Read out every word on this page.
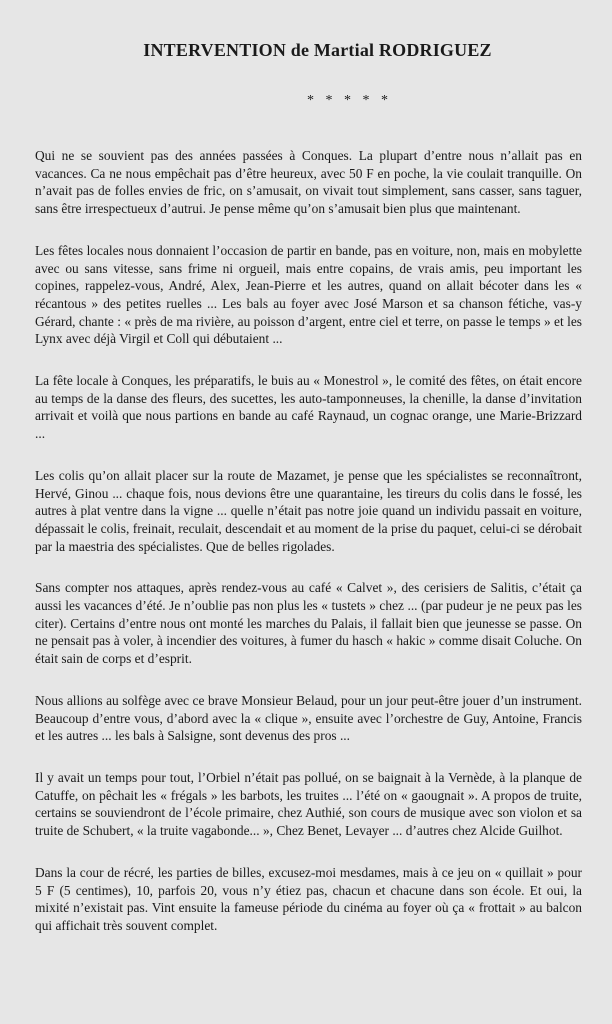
INTERVENTION de Martial RODRIGUEZ
* * * * *

Qui ne se souvient pas des années passées à Conques. La plupart d’entre nous n’allait pas en vacances. Ca ne nous empêchait pas d’être heureux, avec 50 F en poche, la vie coulait tranquille. On n’avait pas de folles envies de fric, on s’amusait, on vivait tout simplement, sans casser, sans taguer, sans être irrespectueux d’autrui. Je pense même qu’on s’amusait bien plus que maintenant.

Les fêtes locales nous donnaient l’occasion de partir en bande, pas en voiture, non, mais en mobylette avec ou sans vitesse, sans frime ni orgueil, mais entre copains, de vrais amis, peu important les copines, rappelez-vous, André, Alex, Jean-Pierre et les autres, quand on allait bécoter dans les « récantous » des petites ruelles ... Les bals au foyer avec José Marson et sa chanson fétiche, vas-y Gérard, chante : « près de ma rivière, au poisson d’argent, entre ciel et terre, on passe le temps » et les Lynx avec déjà Virgil et Coll qui débutaient ...

La fête locale à Conques, les préparatifs, le buis au « Monestrol », le comité des fêtes, on était encore au temps de la danse des fleurs, des sucettes, les auto-tamponneuses, la chenille, la danse d’invitation arrivait et voilà que nous partions en bande au café Raynaud, un cognac orange, une Marie-Brizzard ...

Les colis qu’on allait placer sur la route de Mazamet, je pense que les spécialistes se reconnaîtront, Hervé, Ginou ... chaque fois, nous devions être une quarantaine, les tireurs du colis dans le fossé, les autres à plat ventre dans la vigne ... quelle n’était pas notre joie quand un individu passait en voiture, dépassait le colis, freinait, reculait, descendait et au moment de la prise du paquet, celui-ci se dérobait par la maestria des spécialistes. Que de belles rigolades.

Sans compter nos attaques, après rendez-vous au café « Calvet », des cerisiers de Salitis, c’était ça aussi les vacances d’été. Je n’oublie pas non plus les « tustets » chez ... (par pudeur je ne peux pas les citer). Certains d’entre nous ont monté les marches du Palais, il fallait bien que jeunesse se passe. On ne pensait pas à voler, à incendier des voitures, à fumer du hasch « hakic » comme disait Coluche. On était sain de corps et d’esprit.

Nous allions au solfège avec ce brave Monsieur Belaud, pour un jour peut-être jouer d’un instrument. Beaucoup d’entre vous, d’abord avec la « clique », ensuite avec l’orchestre de Guy, Antoine, Francis et les autres ... les bals à Salsigne, sont devenus des pros ...

Il y avait un temps pour tout, l’Orbiel n’était pas pollué, on se baignait à la Vernède, à la planque de Catuffe, on pêchait les « frégals » les barbots, les truites ... l’été on « gaougnait ». A propos de truite, certains se souviendront de l’école primaire, chez Authié, son cours de musique avec son violon et sa truite de Schubert, « la truite vagabonde... », Chez Benet, Levayer ... d’autres chez Alcide Guilhot.

Dans la cour de récré, les parties de billes, excusez-moi mesdames, mais à ce jeu on « quillait » pour 5 F (5 centimes), 10, parfois 20, vous n’y étiez pas, chacun et chacune dans son école. Et oui, la mixité n’existait pas. Vint ensuite la fameuse période du cinéma au foyer où ça « frottait » au balcon qui affichait très souvent complet.
